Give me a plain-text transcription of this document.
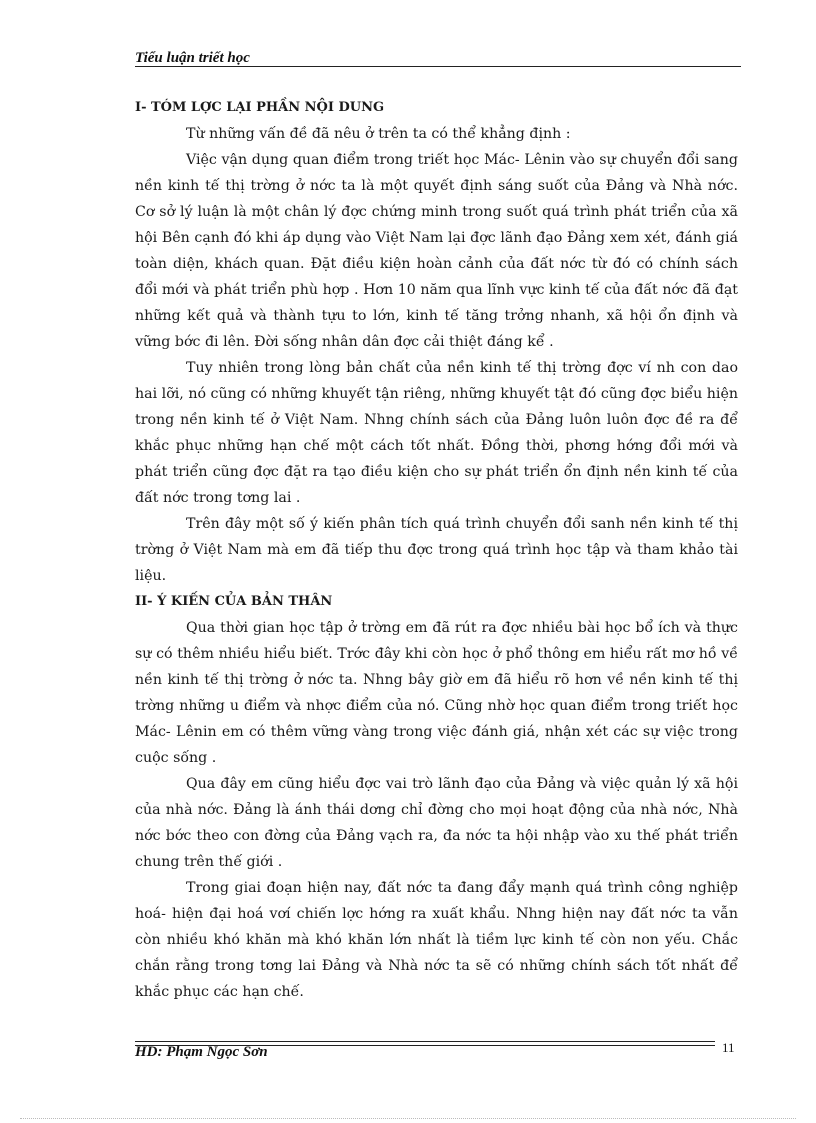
Tiểu luận triết học

I- TÓM LỢC LẠI PHẦN NỘI DUNG

Từ những vấn đề đã nêu ở trên ta có thể khẳng định :

Việc vận dụng quan điểm trong triết học Mác- Lênin vào sự chuyển đổi sang nền kinh tế thị trờng ở nớc ta là một quyết định sáng suốt của Đảng và Nhà nớc. Cơ sở lý luận là một chân lý đợc chứng minh trong suốt quá trình phát triển của xã hội Bên cạnh đó khi áp dụng vào Việt Nam lại đợc lãnh đạo Đảng xem xét, đánh giá toàn diện, khách quan. Đặt điều kiện hoàn cảnh của đất nớc từ đó có chính sách đổi mới và phát triển phù hợp . Hơn 10 năm qua lĩnh vực kinh tế của đất nớc đã đạt những kết quả và thành tựu to lớn, kinh tế tăng trởng nhanh, xã hội ổn định và vững bớc đi lên. Đời sống nhân dân đợc cải thiệt đáng kể .

Tuy nhiên trong lòng bản chất của nền kinh tế thị trờng đợc ví nh con dao hai lỡi, nó cũng có những khuyết tận riêng, những khuyết tật đó cũng đợc biểu hiện trong nền kinh tế ở Việt Nam. Nhng chính sách của Đảng luôn luôn đợc đề ra để khắc phục những hạn chế một cách tốt nhất. Đồng thời, phơng hớng đổi mới và phát triển cũng đợc đặt ra tạo điều kiện cho sự phát triển ổn định nền kinh tế của đất nớc trong tơng lai .

Trên đây một số ý kiến phân tích quá trình chuyển đổi sanh nền kinh tế thị trờng ở Việt Nam mà em đã tiếp thu đợc trong quá trình học tập và tham khảo tài liệu.

II- Ý KIẾN CỦA BẢN THÂN

Qua thời gian học tập ở trờng em đã rút ra đợc nhiều bài học bổ ích và thực sự có thêm nhiều hiểu biết. Trớc đây khi còn học ở phổ thông em hiểu rất mơ hồ về nền kinh tế thị trờng ở nớc ta. Nhng bây giờ em đã hiểu rõ hơn về nền kinh tế thị trờng những u điểm và nhợc điểm của nó. Cũng nhờ học quan điểm trong triết học Mác- Lênin em có thêm vững vàng trong việc đánh giá, nhận xét các sự việc trong cuộc sống .

Qua đây em cũng hiểu đợc vai trò lãnh đạo của Đảng và việc quản lý xã hội của nhà nớc. Đảng là ánh thái dơng chỉ đờng cho mọi hoạt động của nhà nớc, Nhà nớc bớc theo con đờng của Đảng vạch ra, đa nớc ta hội nhập vào xu thế phát triển chung trên thế giới .

Trong giai đoạn hiện nay, đất nớc ta đang đẩy mạnh quá trình công nghiệp hoá- hiện đại hoá vơí chiến lợc hớng ra xuất khẩu. Nhng hiện nay đất nớc ta vẫn còn nhiều khó khăn mà khó khăn lớn nhất là tiềm lực kinh tế còn non yếu. Chắc chắn rằng trong tơng lai Đảng và Nhà nớc ta sẽ có những chính sách tốt nhất để khắc phục các hạn chế.

HD: Phạm Ngọc Sơn	11
